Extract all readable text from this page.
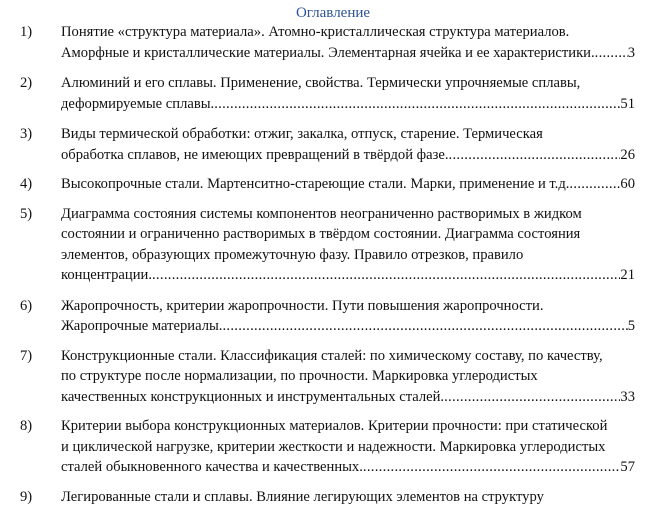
Оглавление
1) Понятие «структура материала». Атомно-кристаллическая структура материалов.
Аморфные и кристаллические материалы. Элементарная ячейка и ее характеристики. ..... 3
2) Алюминий и его сплавы. Применение, свойства. Термически упрочняемые сплавы,
деформируемые сплавы. .....	51
3) Виды термической обработки: отжиг, закалка, отпуск, старение. Термическая
обработка сплавов, не имеющих превращений в твёрдой фазе. .....	26
4) Высокопрочные стали. Мартенситно-стареющие стали. Марки, применение и т.д. .....	60
5) Диаграмма состояния системы компонентов неограниченно растворимых в жидком
состоянии и ограниченно растворимых в твёрдом состоянии. Диаграмма состояния
элементов, образующих промежуточную фазу. Правило отрезков, правило
концентрации. .....	21
6) Жаропрочность, критерии жаропрочности. Пути повышения жаропрочности.
Жаропрочные материалы. .....	5
7) Конструкционные стали. Классификация сталей: по химическому составу, по качеству,
по структуре после нормализации, по прочности. Маркировка углеродистых
качественных конструкционных и инструментальных сталей. .....	33
8) Критерии выбора конструкционных материалов. Критерии прочности: при статической
и циклической нагрузке, критерии жесткости и надежности. Маркировка углеродистых
сталей обыкновенного качества и качественных. .....	57
9) Легированные стали и сплавы. Влияние легирующих элементов на структуру
